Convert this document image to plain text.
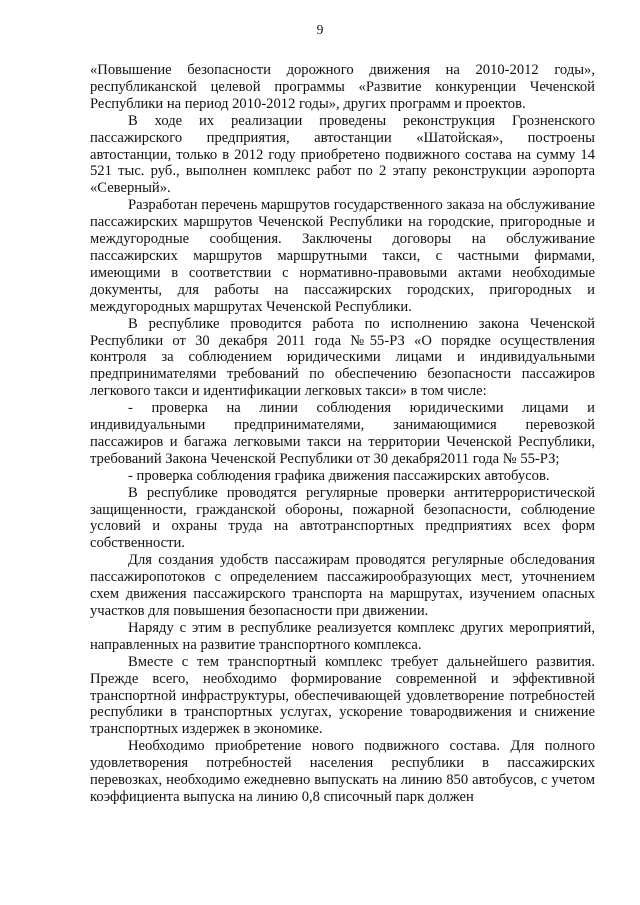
9

«Повышение безопасности дорожного движения на 2010-2012 годы», республиканской целевой программы «Развитие конкуренции Чеченской Республики на период 2010-2012 годы», других программ и проектов.

В ходе их реализации проведены реконструкция Грозненского пассажирского предприятия, автостанции «Шатойская», построены автостанции, только в 2012 году приобретено подвижного состава на сумму 14 521 тыс. руб., выполнен комплекс работ по 2 этапу реконструкции аэропорта «Северный».

Разработан перечень маршрутов государственного заказа на обслуживание пассажирских маршрутов Чеченской Республики на городские, пригородные и междугородные сообщения. Заключены договоры на обслуживание пассажирских маршрутов маршрутными такси, с частными фирмами, имеющими в соответствии с нормативно-правовыми актами необходимые документы, для работы на пассажирских городских, пригородных и междугородных маршрутах Чеченской Республики.

В республике проводится работа по исполнению закона Чеченской Республики от 30 декабря 2011 года №55-РЗ «О порядке осуществления контроля за соблюдением юридическими лицами и индивидуальными предпринимателями требований по обеспечению безопасности пассажиров легкового такси и идентификации легковых такси» в том числе:

- проверка на линии соблюдения юридическими лицами и индивидуальными предпринимателями, занимающимися перевозкой пассажиров и багажа легковыми такси на территории Чеченской Республики, требований Закона Чеченской Республики от 30 декабря2011 года № 55-РЗ;

- проверка соблюдения графика движения пассажирских автобусов.

В республике проводятся регулярные проверки антитеррористической защищенности, гражданской обороны, пожарной безопасности, соблюдение условий и охраны труда на автотранспортных предприятиях всех форм собственности.

Для создания удобств пассажирам проводятся регулярные обследования пассажиропотоков с определением пассажирообразующих мест, уточнением схем движения пассажирского транспорта на маршрутах, изучением опасных участков для повышения безопасности при движении.

Наряду с этим в республике реализуется комплекс других мероприятий, направленных на развитие транспортного комплекса.

Вместе с тем транспортный комплекс требует дальнейшего развития. Прежде всего, необходимо формирование современной и эффективной транспортной инфраструктуры, обеспечивающей удовлетворение потребностей республики в транспортных услугах, ускорение товародвижения и снижение транспортных издержек в экономике.

Необходимо приобретение нового подвижного состава. Для полного удовлетворения потребностей населения республики в пассажирских перевозках, необходимо ежедневно выпускать на линию 850 автобусов, с учетом коэффициента выпуска на линию 0,8 списочный парк должен
